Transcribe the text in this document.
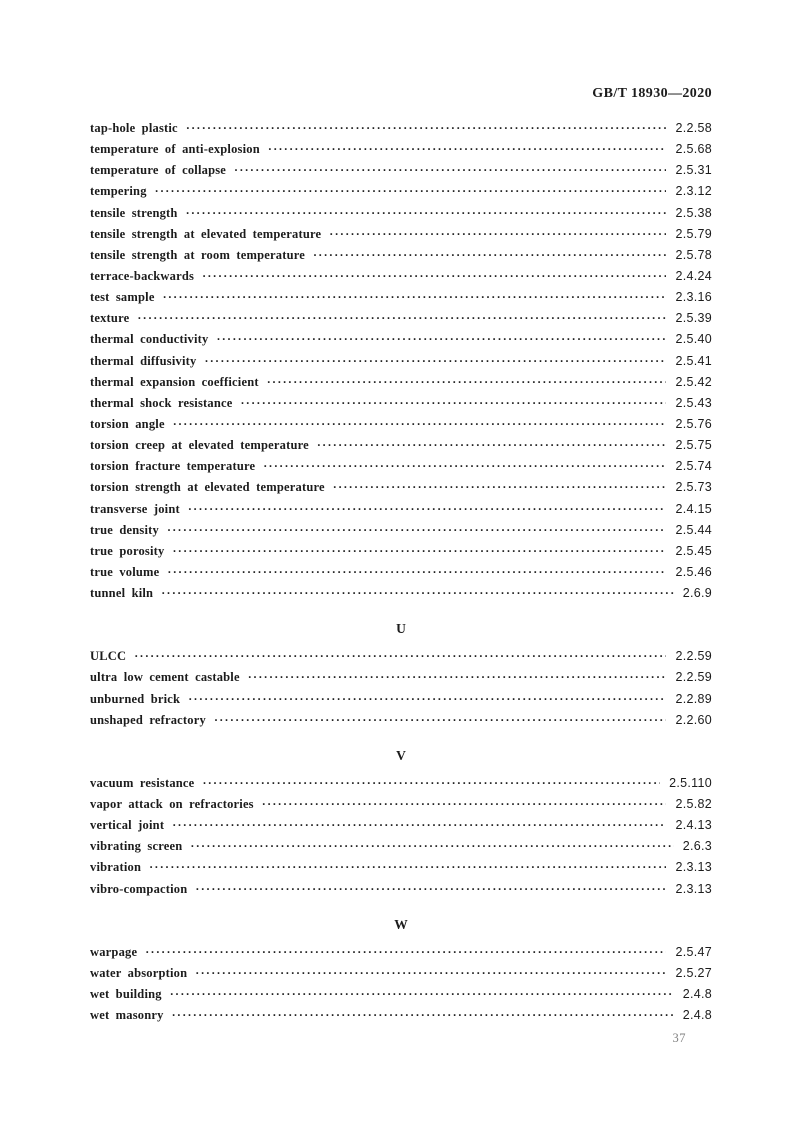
GB/T 18930—2020
tap-hole plastic ·····	2.2.58
temperature of anti-explosion ·····	2.5.68
temperature of collapse ·····	2.5.31
tempering ·····	2.3.12
tensile strength ·····	2.5.38
tensile strength at elevated temperature ·····	2.5.79
tensile strength at room temperature ·····	2.5.78
terrace-backwards ·····	2.4.24
test sample ·····	2.3.16
texture ·····	2.5.39
thermal conductivity ·····	2.5.40
thermal diffusivity ·····	2.5.41
thermal expansion coefficient ·····	2.5.42
thermal shock resistance ·····	2.5.43
torsion angle ·····	2.5.76
torsion creep at elevated temperature ·····	2.5.75
torsion fracture temperature ·····	2.5.74
torsion strength at elevated temperature ·····	2.5.73
transverse joint ·····	2.4.15
true density ·····	2.5.44
true porosity ·····	2.5.45
true volume ·····	2.5.46
tunnel kiln ·····	2.6.9
U
ULCC ·····	2.2.59
ultra low cement castable ·····	2.2.59
unburned brick ·····	2.2.89
unshaped refractory ·····	2.2.60
V
vacuum resistance ·····	2.5.110
vapor attack on refractories ·····	2.5.82
vertical joint ·····	2.4.13
vibrating screen ·····	2.6.3
vibration ·····	2.3.13
vibro-compaction ·····	2.3.13
W
warpage ·····	2.5.47
water absorption ·····	2.5.27
wet building ·····	2.4.8
wet masonry ·····	2.4.8
37
